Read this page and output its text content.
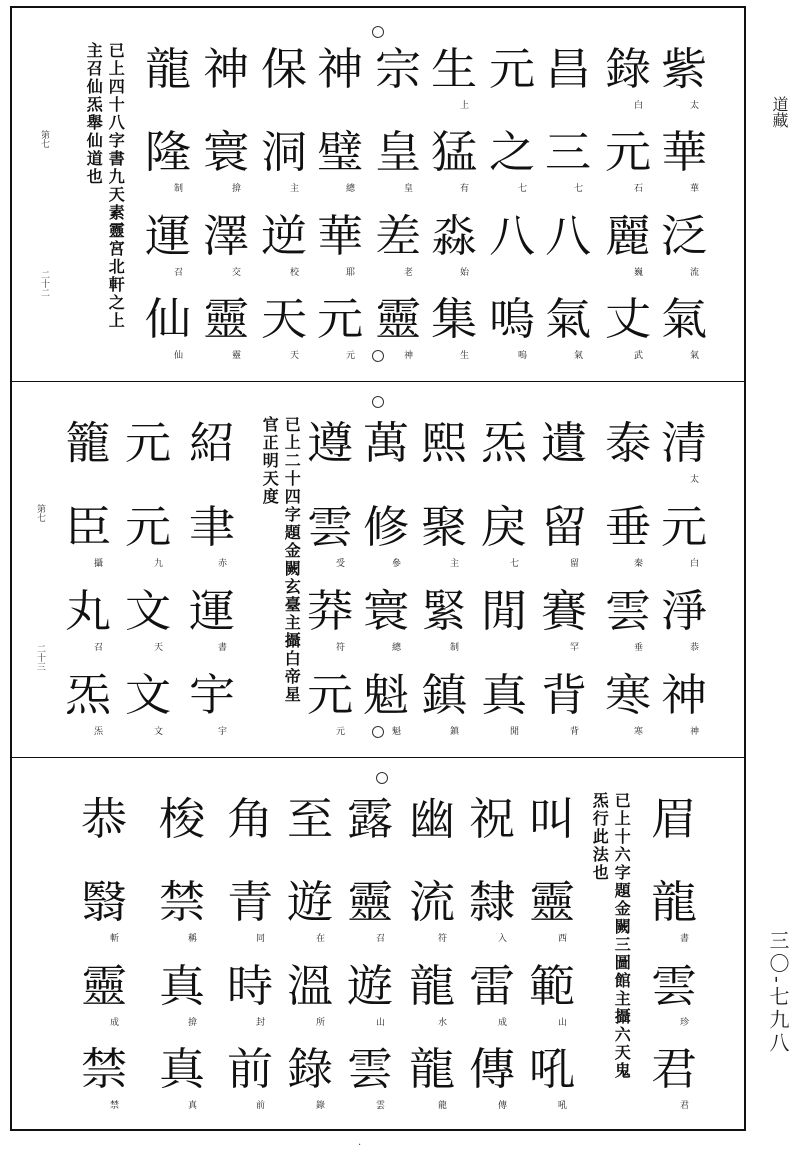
道藏
三〇‐七九八
·
紫
華
泛
氣
太
華
流
氣
錄
元
麗
丈
白
石
巍
武
昌
三
八
氣
七
氣
元
之
八
嗚
七
嗚
生
猛
淼
集
上
有
始
生
宗
皇
差
靈
皇
老
神
神
璧
華
元
總
耶
元
保
洞
逆
天
主
校
天
神
寰
澤
靈
揜
交
靈
龍
隆
運
仙
制
召
仙
已上四十八字書九天素靈宮北軒之上
主召仙炁舉仙道也
第七
二十二
清
元
淨
神
太
白
恭
神
泰
垂
雲
寒
秦
垂
寒
遺
留
賽
背
留
罕
背
炁
戾
閒
真
七
閒
熙
聚
緊
鎮
主
制
鎮
萬
修
寰
魁
參
總
魁
遵
雲
莽
元
受
符
元
已上二十四字題金闕玄臺主攝白帝星
官正明天度
紹
聿
運
宇
赤
書
宇
元
元
文
文
九
天
文
籠
臣
丸
炁
攝
召
炁
第七
二十三
眉
龍
雲
君
書
珍
君
叫
靈
範
吼
西
山
吼
祝
隸
雷
傳
入
成
傳
幽
流
龍
龍
符
水
龍
露
靈
遊
雲
召
山
雲
至
遊
溫
錄
在
所
錄
角
青
時
前
同
封
前
梭
禁
真
真
稱
揜
真
恭
翳
靈
禁
斬
成
禁
已上十六字題金闕三圖館主攝六天鬼
炁行此法也
